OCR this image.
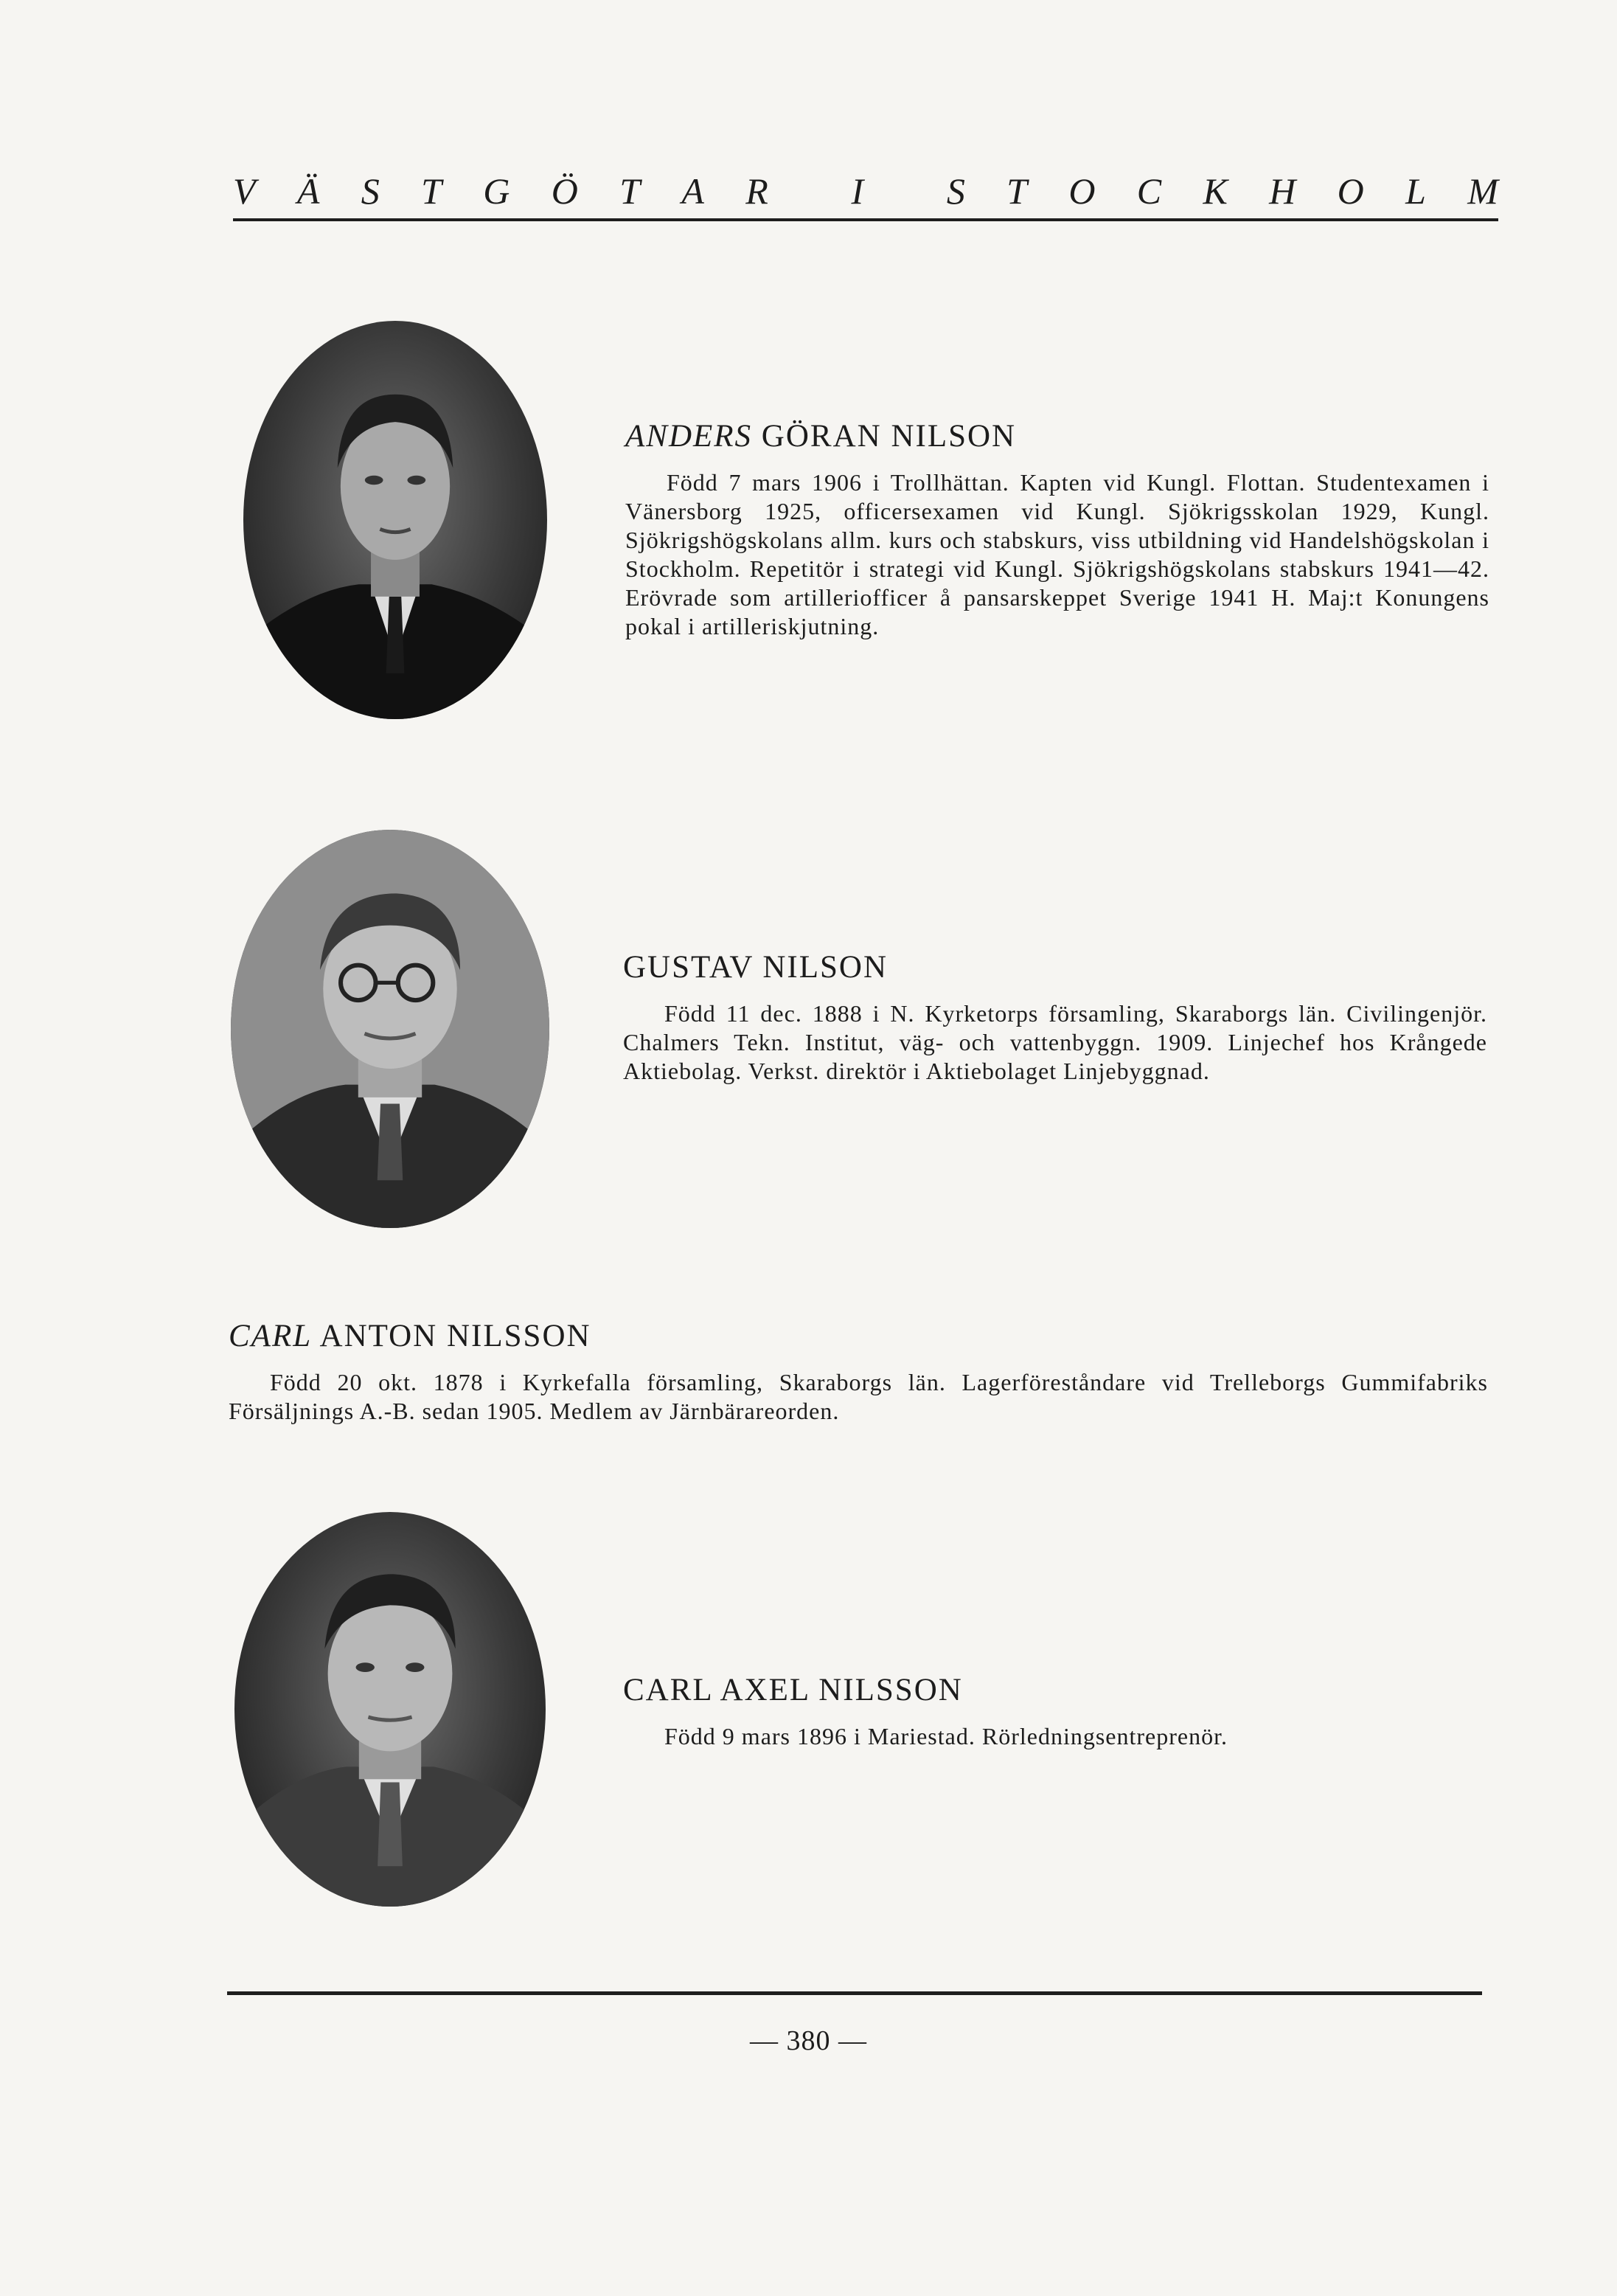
V Ä S T G Ö T A R I S T O C K H O L M
ANDERS GÖRAN NILSON
Född 7 mars 1906 i Trollhättan. Kapten vid Kungl. Flottan. Studentexamen i Vänersborg 1925, officersexamen vid Kungl. Sjökrigsskolan 1929, Kungl. Sjökrigshögskolans allm. kurs och stabskurs, viss utbildning vid Handelshögskolan i Stockholm. Repetitör i strategi vid Kungl. Sjökrigshögskolans stabskurs 1941—42. Erövrade som artilleriofficer å pansarskeppet Sverige 1941 H. Maj:t Konungens pokal i artilleriskjutning.
GUSTAV NILSON
Född 11 dec. 1888 i N. Kyrketorps församling, Skaraborgs län. Civilingenjör. Chalmers Tekn. Institut, väg- och vattenbyggn. 1909. Linjechef hos Krångede Aktiebolag. Verkst. direktör i Aktiebolaget Linjebyggnad.
CARL ANTON NILSSON
Född 20 okt. 1878 i Kyrkefalla församling, Skaraborgs län. Lagerföreståndare vid Trelleborgs Gummifabriks Försäljnings A.-B. sedan 1905. Medlem av Järnbärareorden.
CARL AXEL NILSSON
Född 9 mars 1896 i Mariestad. Rörledningsentreprenör.
— 380 —
